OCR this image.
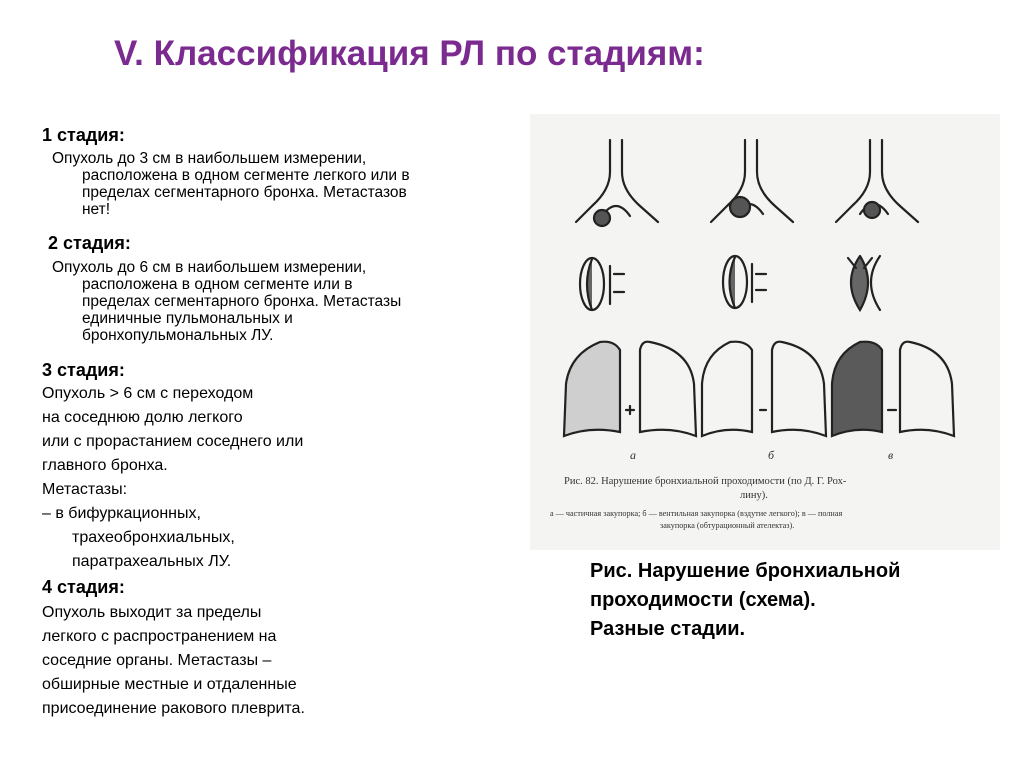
V. Классификация РЛ по стадиям:
1 стадия:
Опухоль до 3 см в наибольшем измерении,
расположена в одном сегменте легкого или в
пределах сегментарного бронха. Метастазов
нет!
2 стадия:
Опухоль до 6 см в наибольшем измерении,
расположена в одном сегменте или в
пределах сегментарного бронха. Метастазы
единичные пульмональных и
бронхопульмональных ЛУ.
3 стадия:
Опухоль > 6 см с переходом
на соседнюю долю легкого
или с прорастанием соседнего или
главного бронха.
Метастазы:
– в бифуркационных,
трахеобронхиальных,
паратрахеальных ЛУ.
4 стадия:
Опухоль выходит за пределы
легкого с распространением на
соседние органы. Метастазы –
обширные местные и отдаленные
присоединение ракового плеврита.
а	б	в
Рис. 82. Нарушение бронхиальной проходимости (по Д. Г. Рох-
лину).
а — частичная закупорка; б — вентильная закупорка (вздутие легкого); в — полная
закупорка (обтурационный ателектаз).
Рис. Нарушение бронхиальной
проходимости (схема).
Разные стадии.
